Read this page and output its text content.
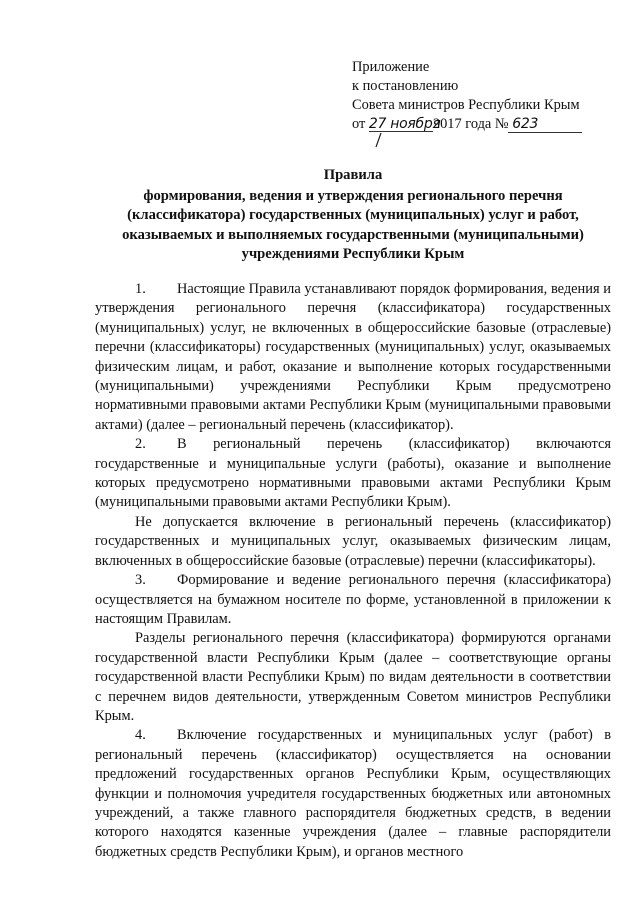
Приложение
к постановлению
Совета министров Республики Крым
от 27 ноября2017 года № 623
Правила
формирования, ведения и утверждения регионального перечня
(классификатора) государственных (муниципальных) услуг и работ,
оказываемых и выполняемых государственными (муниципальными)
учреждениями Республики Крым

1. Настоящие Правила устанавливают порядок формирования, ведения и утверждения регионального перечня (классификатора) государственных (муниципальных) услуг, не включенных в общероссийские базовые (отраслевые) перечни (классификаторы) государственных (муниципальных) услуг, оказываемых физическим лицам, и работ, оказание и выполнение которых государственными (муниципальными) учреждениями Республики Крым предусмотрено нормативными правовыми актами Республики Крым (муниципальными правовыми актами) (далее – региональный перечень (классификатор).

2. В региональный перечень (классификатор) включаются государственные и муниципальные услуги (работы), оказание и выполнение которых предусмотрено нормативными правовыми актами Республики Крым (муниципальными правовыми актами Республики Крым).

Не допускается включение в региональный перечень (классификатор) государственных и муниципальных услуг, оказываемых физическим лицам, включенных в общероссийские базовые (отраслевые) перечни (классификаторы).

3. Формирование и ведение регионального перечня (классификатора) осуществляется на бумажном носителе по форме, установленной в приложении к настоящим Правилам.

Разделы регионального перечня (классификатора) формируются органами государственной власти Республики Крым (далее – соответствующие органы государственной власти Республики Крым) по видам деятельности в соответствии с перечнем видов деятельности, утвержденным Советом министров Республики Крым.

4. Включение государственных и муниципальных услуг (работ) в региональный перечень (классификатор) осуществляется на основании предложений государственных органов Республики Крым, осуществляющих функции и полномочия учредителя государственных бюджетных или автономных учреждений, а также главного распорядителя бюджетных средств, в ведении которого находятся казенные учреждения (далее – главные распорядители бюджетных средств Республики Крым), и органов местного
